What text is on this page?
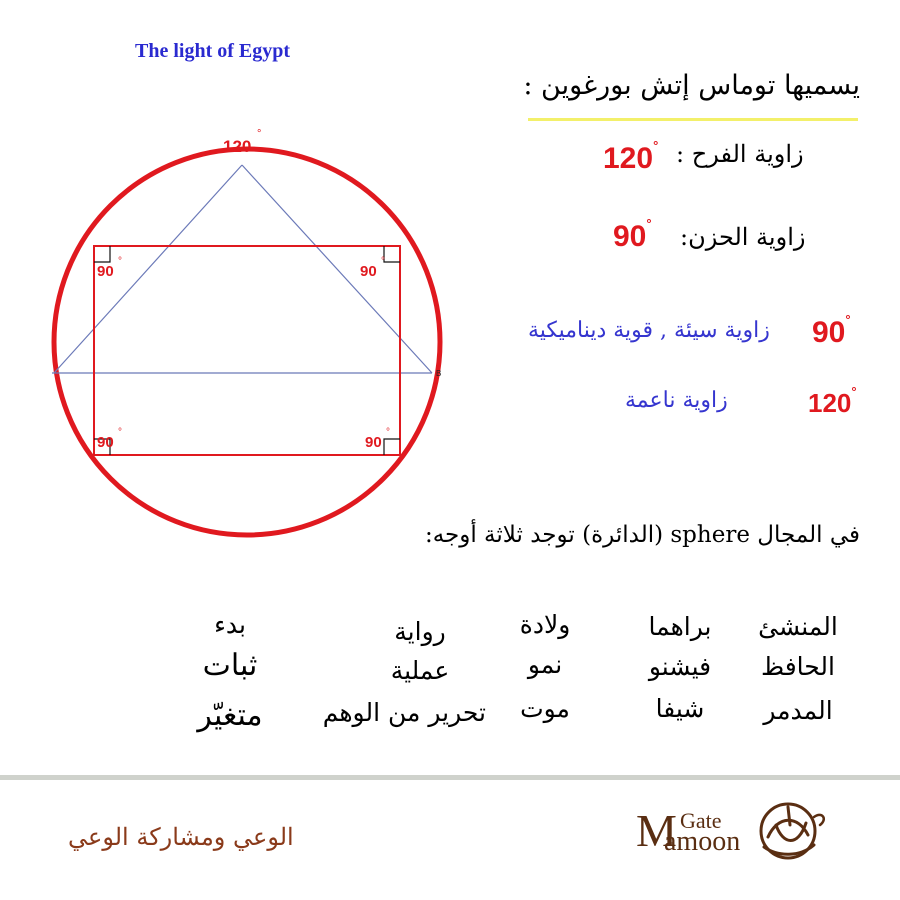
The light of Egypt
يسميها توماس إتش بورغوين :
120
°
90
°
90
°
90
°
90
°
B
زاوية الفرح :
120°
زاوية الحزن:
90°
90°
زاوية سيئة , قوية ديناميكية
120°
زاوية ناعمة
في المجال sphere (الدائرة) توجد ثلاثة أوجه:
المنشئ
براهما
ولادة
رواية
بدء
الحافظ
فيشنو
نمو
عملية
ثبات
المدمر
شيفا
موت
تحرير من الوهم
متغيّر
الوعي ومشاركة الوعي	M Gate
amoon
